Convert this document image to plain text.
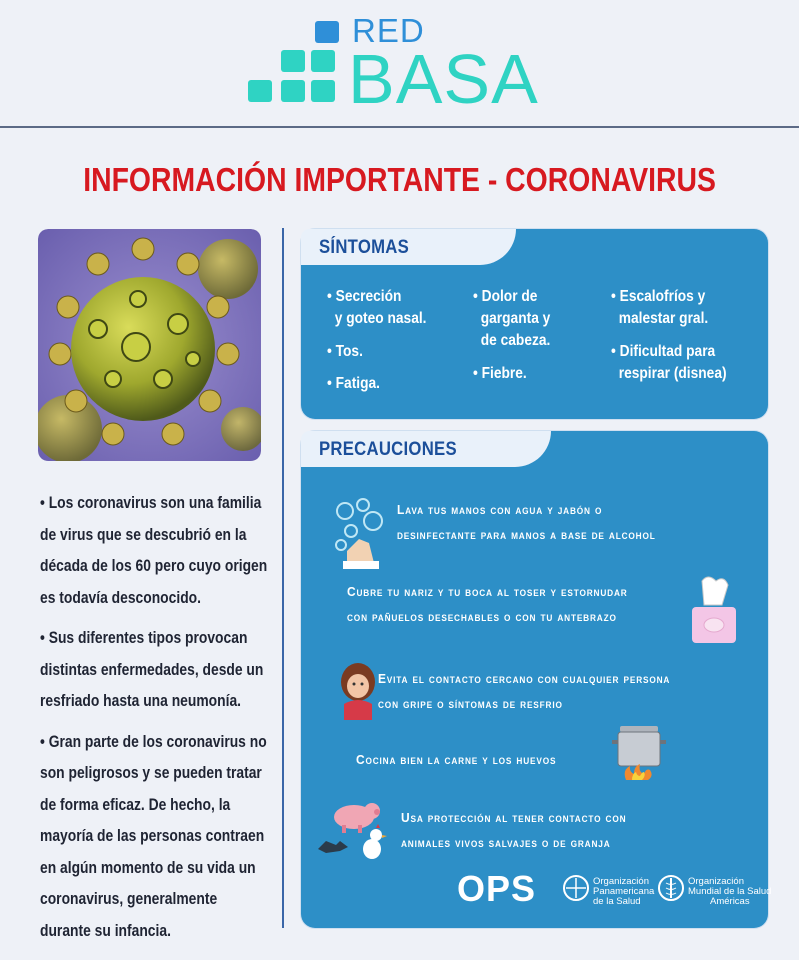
RED
BASA
INFORMACIÓN IMPORTANTE - CORONAVIRUS

• Los coronavirus son una familia
de virus que se descubrió en la
década de los 60 pero cuyo origen
es todavía desconocido.

• Sus diferentes tipos provocan
distintas enfermedades, desde un
resfriado hasta una neumonía.

• Gran parte de los coronavirus no
son peligrosos y se pueden tratar
de forma eficaz. De hecho, la
mayoría de las personas contraen
en algún momento de su vida un
coronavirus, generalmente
durante su infancia.

SÍNTOMAS
• Secreción
y goteo nasal.
• Tos.
• Fatiga.
• Dolor de
garganta y
de cabeza.
• Fiebre.
• Escalofríos y
malestar gral.
• Dificultad para
respirar (disnea)
PRECAUCIONES
Lava tus manos con agua y jabón o
desinfectante para manos a base de alcohol
Cubre tu nariz y tu boca al toser y estornudar
con pañuelos desechables o con tu antebrazo
Evita el contacto cercano con cualquier persona
con gripe o síntomas de resfrio
Cocina bien la carne y los huevos
Usa protección al tener contacto con
animales vivos salvajes o de granja
OPS	Organización
Panamericana
de la Salud
Organización
Mundial de la Salud
Américas
